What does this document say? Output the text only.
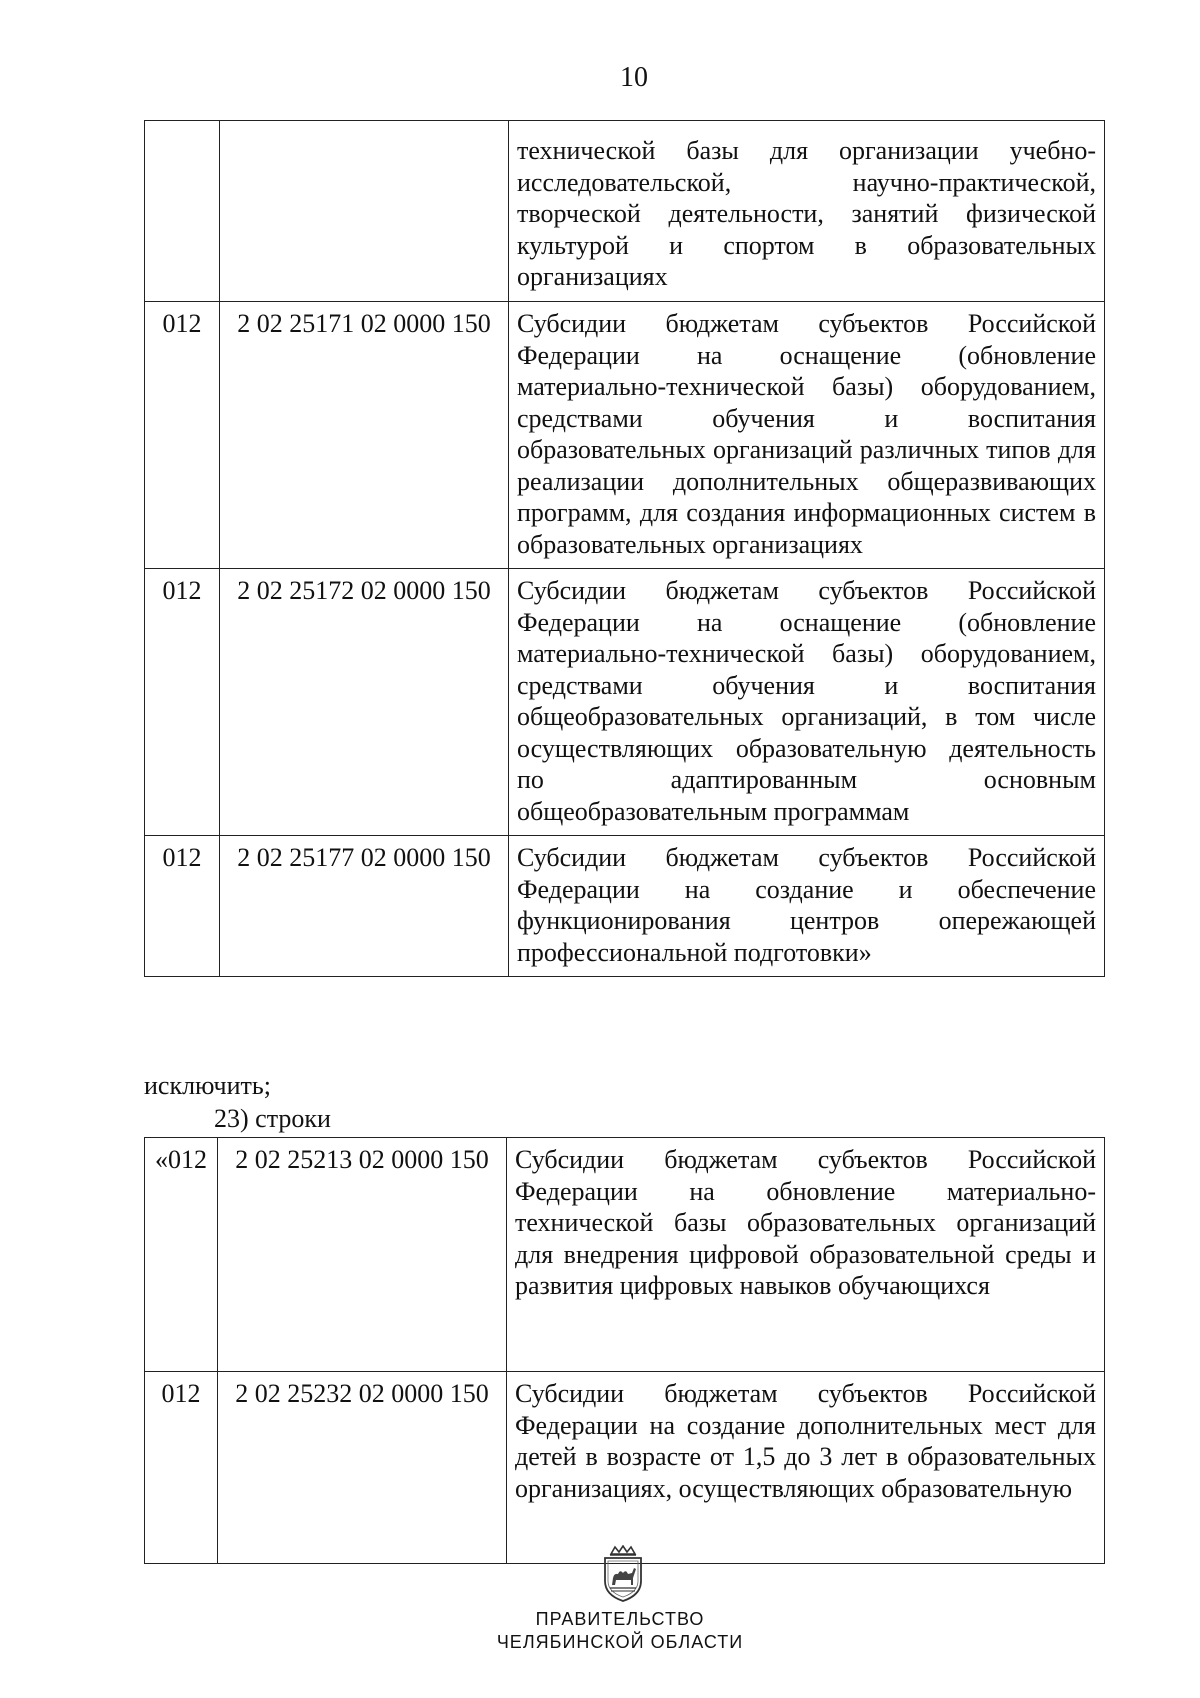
10
		технической базы для организации учебно-исследовательской, научно-практической, творческой деятельности, занятий физической культурой и спортом в образовательных организациях
012	2 02 25171 02 0000 150	Субсидии бюджетам субъектов Российской Федерации на оснащение (обновление материально-технической базы) оборудованием, средствами обучения и воспитания образовательных организаций различных типов для реализации дополнительных общеразвивающих программ, для создания информационных систем в образовательных организациях
012	2 02 25172 02 0000 150	Субсидии бюджетам субъектов Российской Федерации на оснащение (обновление материально-технической базы) оборудованием, средствами обучения и воспитания общеобразовательных организаций, в том числе осуществляющих образовательную деятельность по адаптированным основным общеобразовательным программам
012	2 02 25177 02 0000 150	Субсидии бюджетам субъектов Российской Федерации на создание и обеспечение функционирования центров опережающей профессиональной подготовки»
исключить;
23) строки
«012	2 02 25213 02 0000 150	Субсидии бюджетам субъектов Российской Федерации на обновление материально-технической базы образовательных организаций для внедрения цифровой образовательной среды и развития цифровых навыков обучающихся
012	2 02 25232 02 0000 150	Субсидии бюджетам субъектов Российской Федерации на создание дополнительных мест для детей в возрасте от 1,5 до 3 лет в образовательных организациях, осуществляющих образовательную
ПРАВИТЕЛЬСТВО
ЧЕЛЯБИНСКОЙ ОБЛАСТИ
